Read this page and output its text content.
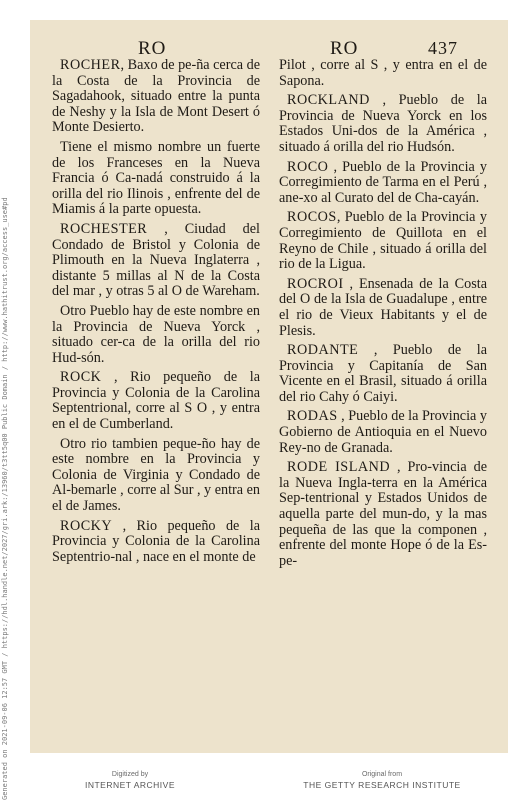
RO	RO	437

ROCHER, Baxo de pe-ña cerca de la Costa de la Provincia de Sagadahook, situado entre la punta de Neshy y la Isla de Mont Desert ó Monte Desierto.

Tiene el mismo nombre un fuerte de los Franceses en la Nueva Francia ó Ca-nadá construido á la orilla del rio Ilinois , enfrente del de Miamis á la parte opuesta.

ROCHESTER , Ciudad del Condado de Bristol y Colonia de Plimouth en la Nueva Inglaterra , distante 5 millas al N de la Costa del mar , y otras 5 al O de Wareham.

Otro Pueblo hay de este nombre en la Provincia de Nueva Yorck , situado cer-ca de la orilla del rio Hud-són.

ROCK , Rio pequeño de la Provincia y Colonia de la Carolina Septentrional, corre al S O , y entra en el de Cumberland.

Otro rio tambien peque-ño hay de este nombre en la Provincia y Colonia de Virginia y Condado de Al-bemarle , corre al Sur , y entra en el de James.

ROCKY , Rio pequeño de la Provincia y Colonia de la Carolina Septentrio-nal , nace en el monte de

Pilot , corre al S , y entra en el de Sapona.

ROCKLAND , Pueblo de la Provincia de Nueva Yorck en los Estados Uni-dos de la América , situado á orilla del rio Hudsón.

ROCO , Pueblo de la Provincia y Corregimiento de Tarma en el Perú , ane-xo al Curato del de Cha-cayán.

ROCOS, Pueblo de la Provincia y Corregimiento de Quillota en el Reyno de Chile , situado á orilla del rio de la Ligua.

ROCROI , Ensenada de la Costa del O de la Isla de Guadalupe , entre el rio de Vieux Habitants y el de Plesis.

RODANTE , Pueblo de la Provincia y Capitanía de San Vicente en el Brasil, situado á orilla del rio Cahy ó Caiyi.

RODAS , Pueblo de la Provincia y Gobierno de Antioquia en el Nuevo Rey-no de Granada.

RODE ISLAND , Pro-vincia de la Nueva Ingla-terra en la América Sep-tentrional y Estados Unidos de aquella parte del mun-do, y la mas pequeña de las que la componen , enfrente del monte Hope ó de la Es-pe-

Generated on 2021-09-06 12:57 GMT / https://hdl.handle.net/2027/gri.ark:/13960/t3tt5q00 Public Domain / http://www.hathitrust.org/access_use#pd	Digitized by
INTERNET ARCHIVE
Original from
THE GETTY RESEARCH INSTITUTE
